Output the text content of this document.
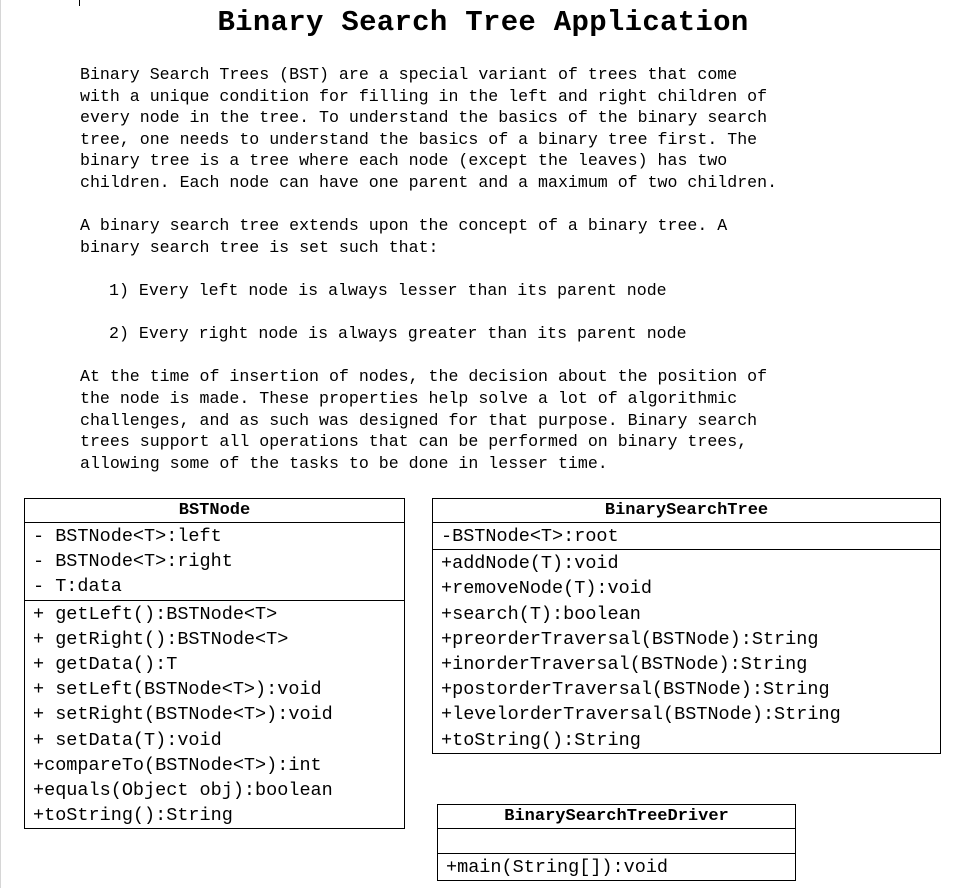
Binary Search Tree Application

Binary Search Trees (BST) are a special variant of trees that come

with a unique condition for filling in the left and right children of

every node in the tree. To understand the basics of the binary search

tree, one needs to understand the basics of a binary tree first. The

binary tree is a tree where each node (except the leaves) has two

children. Each node can have one parent and a maximum of two children.

A binary search tree extends upon the concept of a binary tree. A

binary search tree is set such that:

1) Every left node is always lesser than its parent node

2) Every right node is always greater than its parent node

At the time of insertion of nodes, the decision about the position of

the node is made. These properties help solve a lot of algorithmic

challenges, and as such was designed for that purpose. Binary search

trees support all operations that can be performed on binary trees,

allowing some of the tasks to be done in lesser time.

BSTNode
- BSTNode<T>:left
- BSTNode<T>:right
- T:data
+ getLeft():BSTNode<T>
+ getRight():BSTNode<T>
+ getData():T
+ setLeft(BSTNode<T>):void
+ setRight(BSTNode<T>):void
+ setData(T):void
+compareTo(BSTNode<T>):int
+equals(Object obj):boolean
+toString():String
BinarySearchTree
-BSTNode<T>:root
+addNode(T):void
+removeNode(T):void
+search(T):boolean
+preorderTraversal(BSTNode):String
+inorderTraversal(BSTNode):String
+postorderTraversal(BSTNode):String
+levelorderTraversal(BSTNode):String
+toString():String
BinarySearchTreeDriver
+main(String[]):void
